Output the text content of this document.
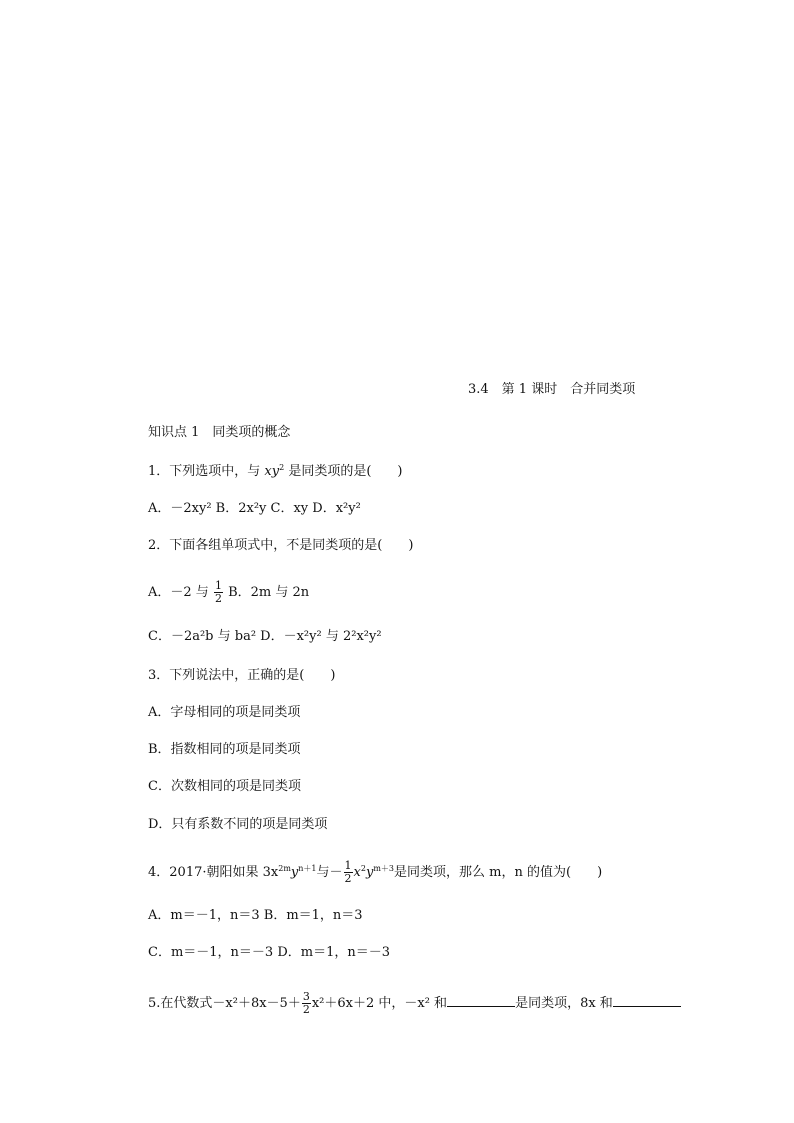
3.4　第 1 课时　合并同类项
知识点 1　同类项的概念
1．下列选项中，与 $xy^2$ 是同类项的是(　　)
A．－2xy² B．2x²y C．xy D．x²y²
2．下面各组单项式中，不是同类项的是(　　)
A．－2 与 $\frac{1}{2}$ B．2m 与 2n
C．－2a²b 与 ba² D．－x²y² 与 2²x²y²
3．下列说法中，正确的是(　　)
A．字母相同的项是同类项
B．指数相同的项是同类项
C．次数相同的项是同类项
D．只有系数不同的项是同类项
4．2017·朝阳如果 $3x^{2m}y^{n+1}$与－ $\frac{1}{2} x^2y^{m+3}$是同类项，那么 m，n 的值为(　　)
A．m＝－1，n＝3 B．m＝1，n＝3
C．m＝－1，n＝－3 D．m＝1，n＝－3
5.在代数式$-x^2+8x-5+ \frac{3}{2} x^2+6x+2$ 中，－x² 和	是同类项，8x 和
